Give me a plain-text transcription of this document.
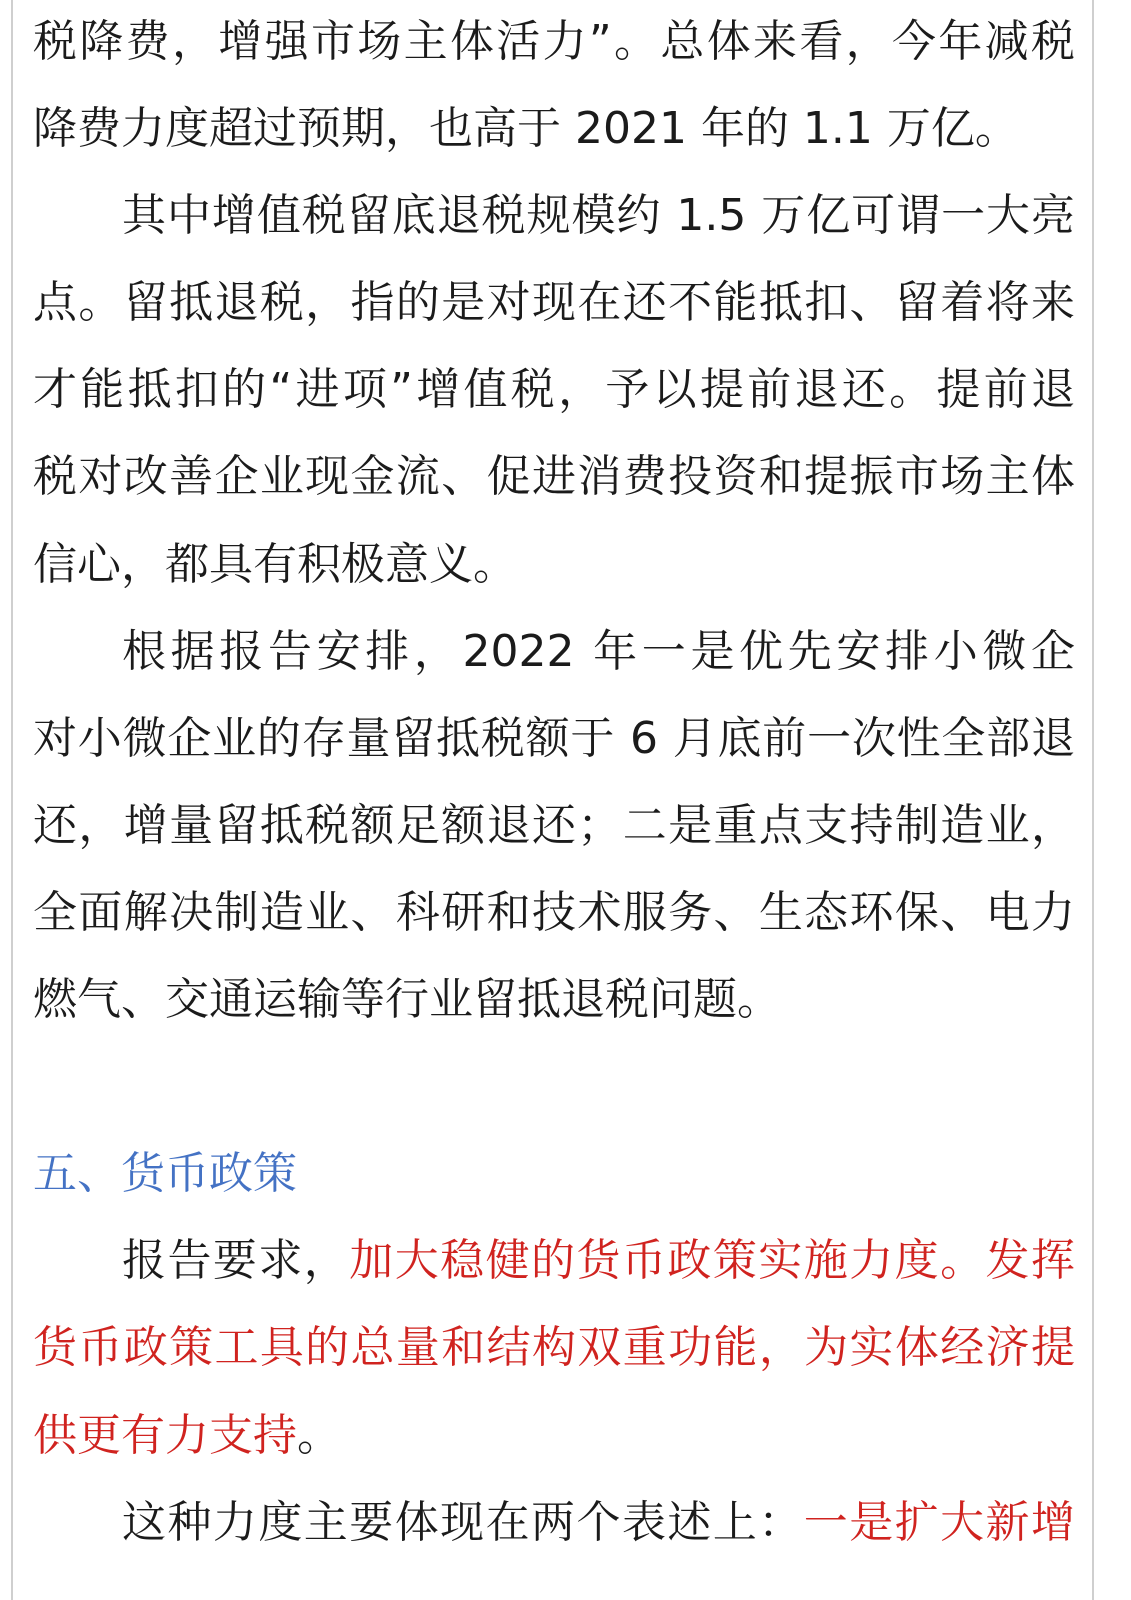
税降费，增强市场主体活力”。总体来看，今年减税
降费力度超过预期，也高于 2021 年的 1.1 万亿。
其中增值税留底退税规模约 1.5 万亿可谓一大亮
点。留抵退税，指的是对现在还不能抵扣、留着将来
才能抵扣的“进项”增值税，予以提前退还。提前退
税对改善企业现金流、促进消费投资和提振市场主体
信心，都具有积极意义。
根据报告安排，2022 年一是优先安排小微企
对小微企业的存量留抵税额于 6 月底前一次性全部退
还，增量留抵税额足额退还；二是重点支持制造业，
全面解决制造业、科研和技术服务、生态环保、电力
燃气、交通运输等行业留抵退税问题。
五、货币政策
报告要求，加大稳健的货币政策实施力度。发挥
货币政策工具的总量和结构双重功能，为实体经济提
供更有力支持。
这种力度主要体现在两个表述上：一是扩大新增
